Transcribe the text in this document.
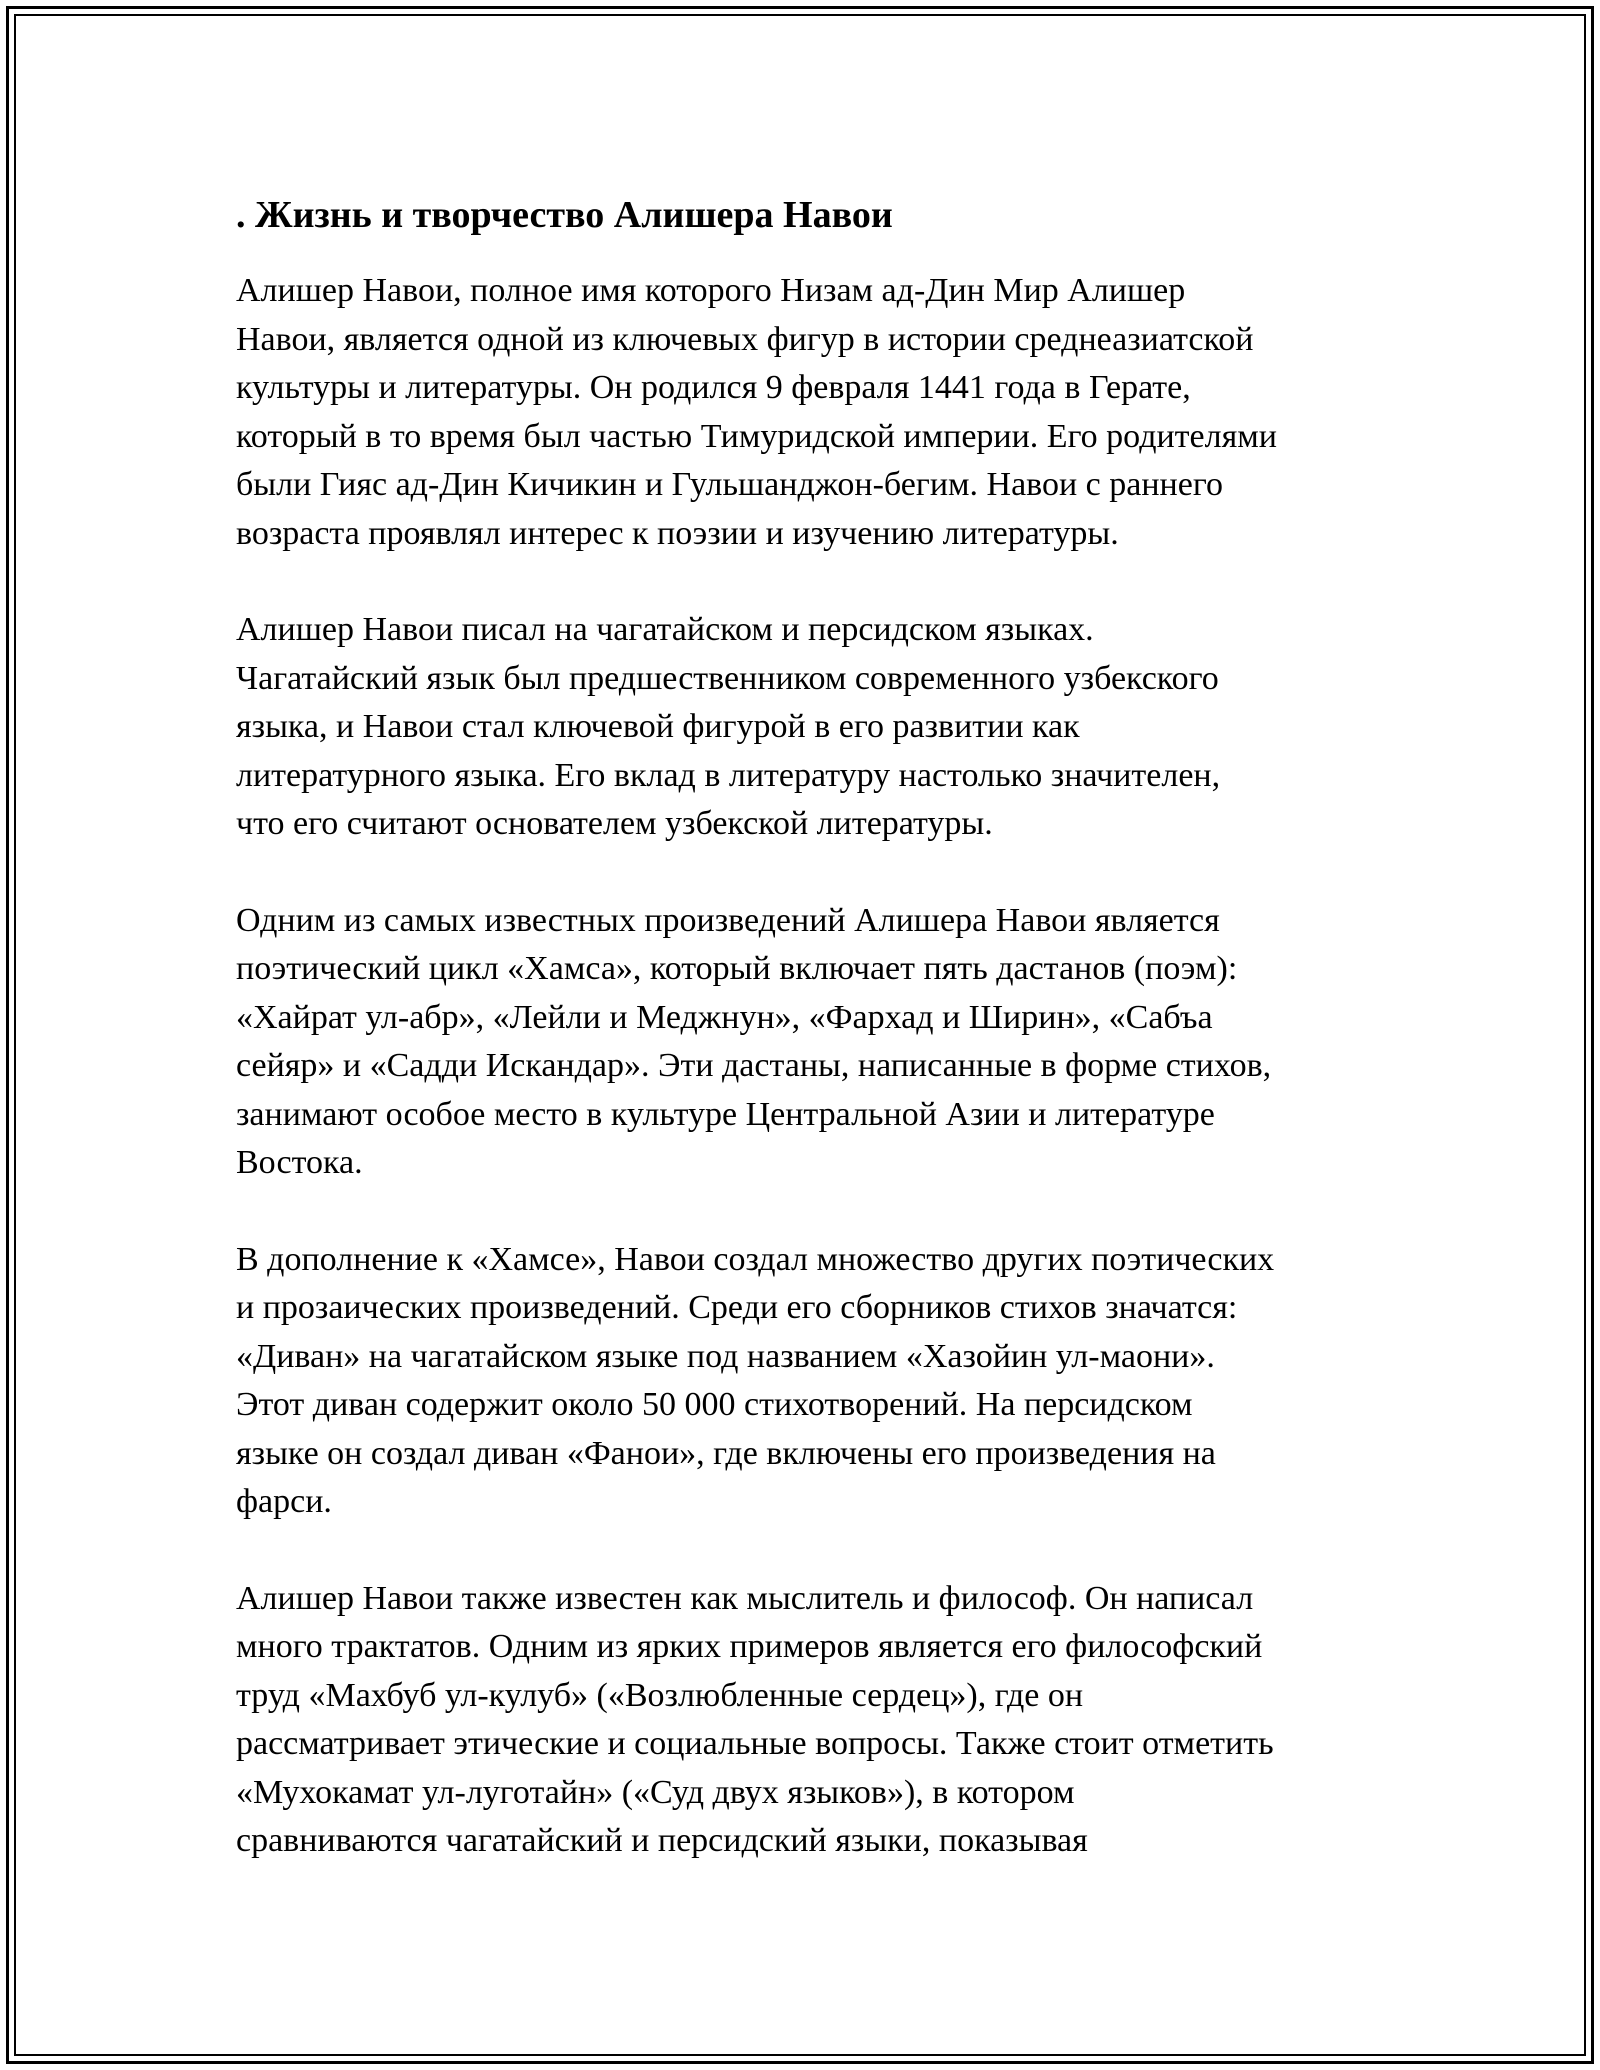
. Жизнь и творчество Алишера Навои

Алишер Навои, полное имя которого Низам ад-Дин Мир Алишер
Навои, является одной из ключевых фигур в истории среднеазиатской
культуры и литературы. Он родился 9 февраля 1441 года в Герате,
который в то время был частью Тимуридской империи. Его родителями
были Гияс ад-Дин Кичикин и Гульшанджон-бегим. Навои с раннего
возраста проявлял интерес к поэзии и изучению литературы.

Алишер Навои писал на чагатайском и персидском языках.
Чагатайский язык был предшественником современного узбекского
языка, и Навои стал ключевой фигурой в его развитии как
литературного языка. Его вклад в литературу настолько значителен,
что его считают основателем узбекской литературы.

Одним из самых известных произведений Алишера Навои является
поэтический цикл «Хамса», который включает пять дастанов (поэм):
«Хайрат ул-абр», «Лейли и Меджнун», «Фархад и Ширин», «Сабъа
сейяр» и «Садди Искандар». Эти дастаны, написанные в форме стихов,
занимают особое место в культуре Центральной Азии и литературе
Востока.

В дополнение к «Хамсе», Навои создал множество других поэтических
и прозаических произведений. Среди его сборников стихов значатся:
«Диван» на чагатайском языке под названием «Хазойин ул-маони».
Этот диван содержит около 50 000 стихотворений. На персидском
языке он создал диван «Фанои», где включены его произведения на
фарси.

Алишер Навои также известен как мыслитель и философ. Он написал
много трактатов. Одним из ярких примеров является его философский
труд «Махбуб ул-кулуб» («Возлюбленные сердец»), где он
рассматривает этические и социальные вопросы. Также стоит отметить
«Мухокамат ул-луготайн» («Суд двух языков»), в котором
сравниваются чагатайский и персидский языки, показывая
